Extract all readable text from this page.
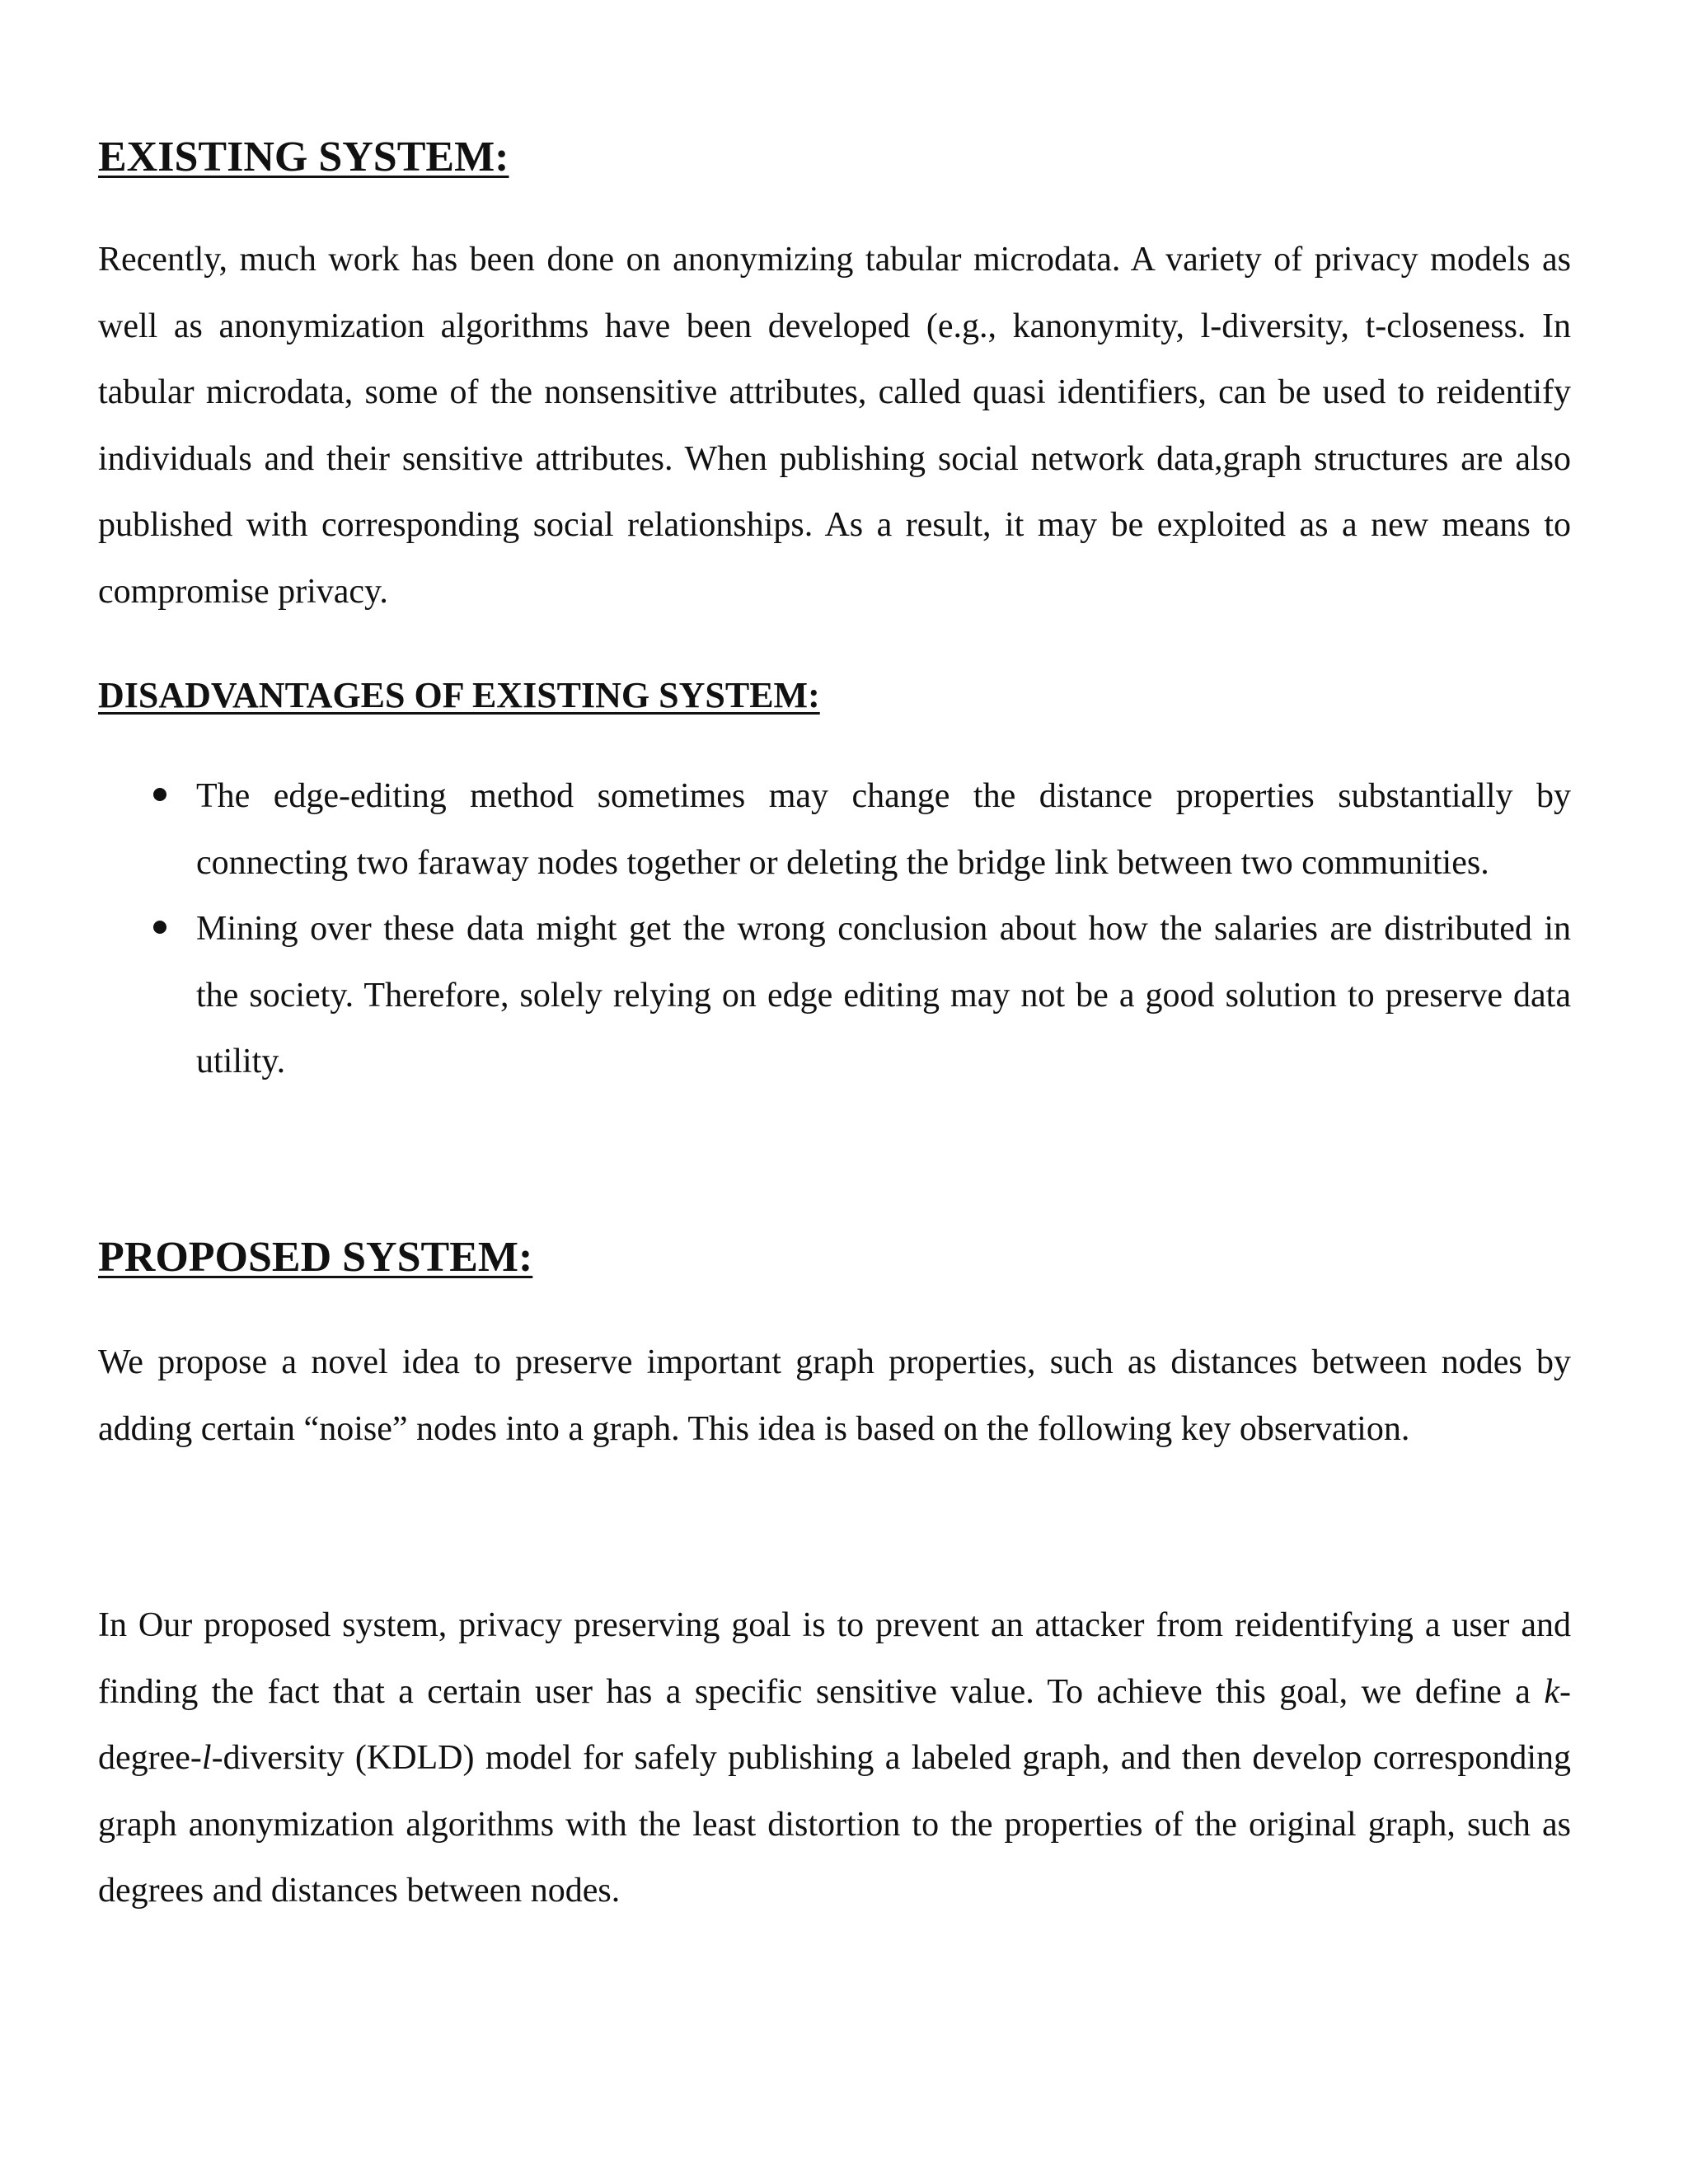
EXISTING SYSTEM:

Recently, much work has been done on anonymizing tabular microdata. A variety of privacy models as well as anonymization algorithms have been developed (e.g., kanonymity, l-diversity, t-closeness. In tabular microdata, some of the nonsensitive attributes, called quasi identifiers, can be used to reidentify individuals and their sensitive attributes. When publishing social network data,graph structures are also published with corresponding social relationships. As a result, it may be exploited as a new means to compromise privacy.

DISADVANTAGES OF EXISTING SYSTEM:
The edge-editing method sometimes may change the distance properties substantially by connecting two faraway nodes together or deleting the bridge link between two communities.
Mining over these data might get the wrong conclusion about how the salaries are distributed in the society. Therefore, solely relying on edge editing may not be a good solution to preserve data utility.
PROPOSED SYSTEM:

We propose a novel idea to preserve important graph properties, such as distances between nodes by adding certain “noise” nodes into a graph. This idea is based on the following key observation.

In Our proposed system, privacy preserving goal is to prevent an attacker from reidentifying a user and finding the fact that a certain user has a specific sensitive value. To achieve this goal, we define a k-degree-l-diversity (KDLD) model for safely publishing a labeled graph, and then develop corresponding graph anonymization algorithms with the least distortion to the properties of the original graph, such as degrees and distances between nodes.
